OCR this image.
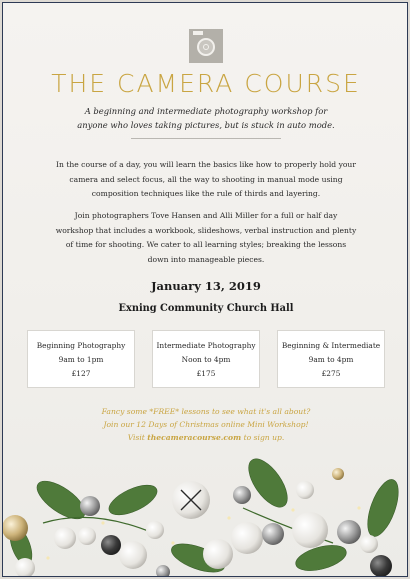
THE CAMERA COURSE
A beginning and intermediate photography workshop for anyone who loves taking pictures, but is stuck in auto mode.
In the course of a day, you will learn the basics like how to properly hold your camera and select focus, all the way to shooting in manual mode using composition techniques like the rule of thirds and layering.
Join photographers Tove Hansen and Alli Miller for a full or half day workshop that includes a workbook, slideshows, verbal instruction and plenty of time for shooting. We cater to all learning styles; breaking the lessons down into manageable pieces.
January 13, 2019
Exning Community Church Hall
Beginning Photography
9am to 1pm
£127
Intermediate Photography
Noon to 4pm
£175
Beginning & Intermediate
9am to 4pm
£275
Fancy some *FREE* lessons to see what it's all about?
Join our 12 Days of Christmas online Mini Workshop!
Visit thecameracourse.com to sign up.
